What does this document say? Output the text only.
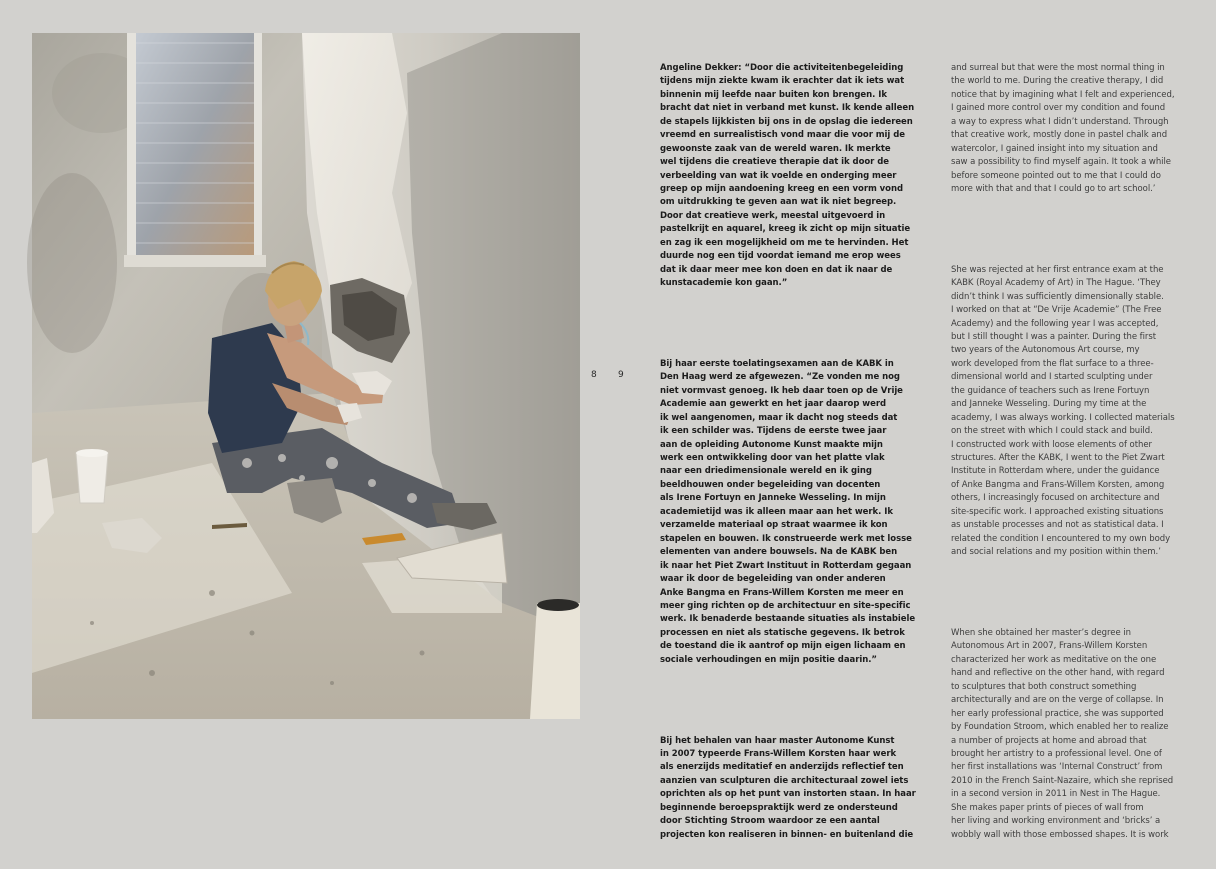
8 9

Angeline Dekker: “Door die activiteitenbegeleiding
tijdens mijn ziekte kwam ik erachter dat ik iets wat
binnenin mij leefde naar buiten kon brengen. Ik
bracht dat niet in verband met kunst. Ik kende alleen
de stapels lijkkisten bij ons in de opslag die iedereen
vreemd en surrealistisch vond maar die voor mij de
gewoonste zaak van de wereld waren. Ik merkte
wel tijdens die creatieve therapie dat ik door de
verbeelding van wat ik voelde en onderging meer
greep op mijn aandoening kreeg en een vorm vond
om uitdrukking te geven aan wat ik niet begreep.
Door dat creatieve werk, meestal uitgevoerd in
pastelkrijt en aquarel, kreeg ik zicht op mijn situatie
en zag ik een mogelijkheid om me te hervinden. Het
duurde nog een tijd voordat iemand me erop wees
dat ik daar meer mee kon doen en dat ik naar de
kunstacademie kon gaan.”

Bij haar eerste toelatingsexamen aan de KABK in
Den Haag werd ze afgewezen. “Ze vonden me nog
niet vormvast genoeg. Ik heb daar toen op de Vrije
Academie aan gewerkt en het jaar daarop werd
ik wel aangenomen, maar ik dacht nog steeds dat
ik een schilder was. Tijdens de eerste twee jaar
aan de opleiding Autonome Kunst maakte mijn
werk een ontwikkeling door van het platte vlak
naar een driedimensionale wereld en ik ging
beeldhouwen onder begeleiding van docenten
als Irene Fortuyn en Janneke Wesseling. In mijn
academietijd was ik alleen maar aan het werk. Ik
verzamelde materiaal op straat waarmee ik kon
stapelen en bouwen. Ik construeerde werk met losse
elementen van andere bouwsels. Na de KABK ben
ik naar het Piet Zwart Instituut in Rotterdam gegaan
waar ik door de begeleiding van onder anderen
Anke Bangma en Frans-Willem Korsten me meer en
meer ging richten op de architectuur en site-specific
werk. Ik benaderde bestaande situaties als instabiele
processen en niet als statische gegevens. Ik betrok
de toestand die ik aantrof op mijn eigen lichaam en
sociale verhoudingen en mijn positie daarin.”

Bij het behalen van haar master Autonome Kunst
in 2007 typeerde Frans-Willem Korsten haar werk
als enerzijds meditatief en anderzijds reflectief ten
aanzien van sculpturen die architecturaal zowel iets
oprichten als op het punt van instorten staan. In haar
beginnende beroepspraktijk werd ze ondersteund
door Stichting Stroom waardoor ze een aantal
projecten kon realiseren in binnen- en buitenland die

and surreal but that were the most normal thing in
the world to me. During the creative therapy, I did
notice that by imagining what I felt and experienced,
I gained more control over my condition and found
a way to express what I didn’t understand. Through
that creative work, mostly done in pastel chalk and
watercolor, I gained insight into my situation and
saw a possibility to find myself again. It took a while
before someone pointed out to me that I could do
more with that and that I could go to art school.’

She was rejected at her first entrance exam at the
KABK (Royal Academy of Art) in The Hague. ‘They
didn’t think I was sufficiently dimensionally stable.
I worked on that at “De Vrije Academie” (The Free
Academy) and the following year I was accepted,
but I still thought I was a painter. During the first
two years of the Autonomous Art course, my
work developed from the flat surface to a three-
dimensional world and I started sculpting under
the guidance of teachers such as Irene Fortuyn
and Janneke Wesseling. During my time at the
academy, I was always working. I collected materials
on the street with which I could stack and build.
I constructed work with loose elements of other
structures. After the KABK, I went to the Piet Zwart
Institute in Rotterdam where, under the guidance
of Anke Bangma and Frans-Willem Korsten, among
others, I increasingly focused on architecture and
site-specific work. I approached existing situations
as unstable processes and not as statistical data. I
related the condition I encountered to my own body
and social relations and my position within them.’

When she obtained her master’s degree in
Autonomous Art in 2007, Frans-Willem Korsten
characterized her work as meditative on the one
hand and reflective on the other hand, with regard
to sculptures that both construct something
architecturally and are on the verge of collapse. In
her early professional practice, she was supported
by Foundation Stroom, which enabled her to realize
a number of projects at home and abroad that
brought her artistry to a professional level. One of
her first installations was ‘Internal Construct’ from
2010 in the French Saint-Nazaire, which she reprised
in a second version in 2011 in Nest in The Hague.
She makes paper prints of pieces of wall from
her living and working environment and ‘bricks’ a
wobbly wall with those embossed shapes. It is work
